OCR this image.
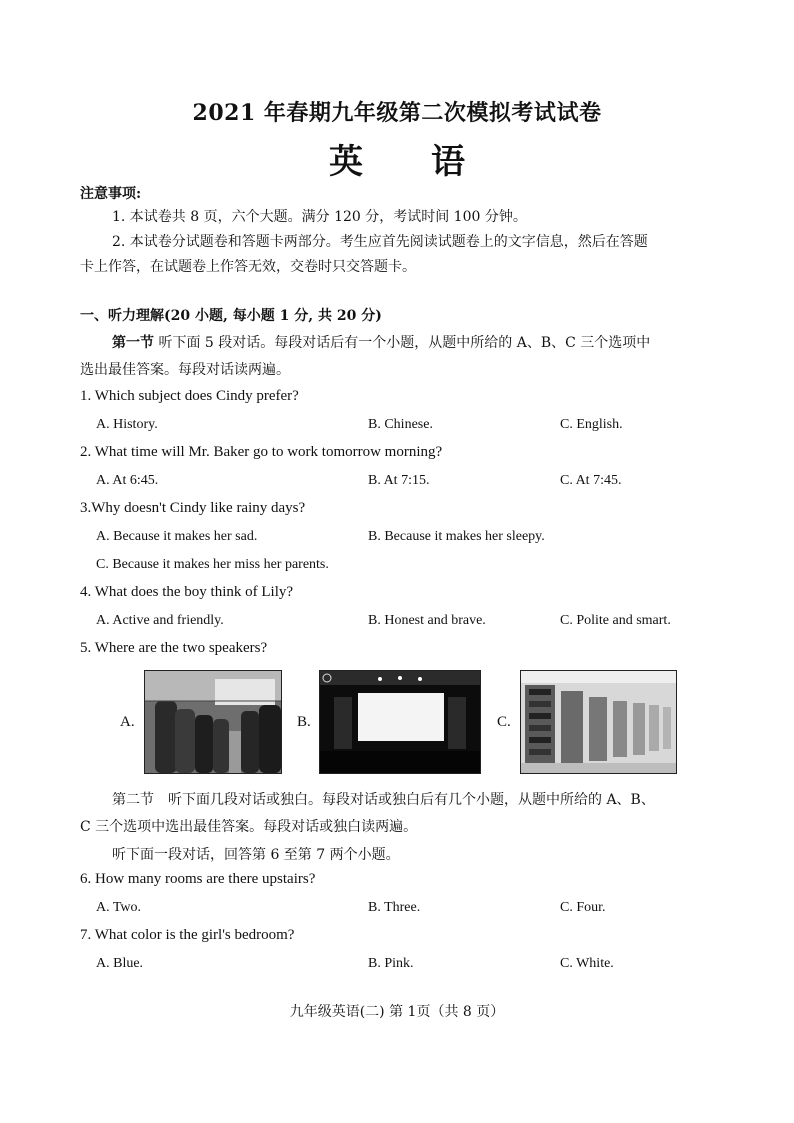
2021 年春期九年级第二次模拟考试试卷
英 语
注意事项:
1. 本试卷共 8 页，六个大题。满分 120 分，考试时间 100 分钟。
2. 本试卷分试题卷和答题卡两部分。考生应首先阅读试题卷上的文字信息，然后在答题
卡上作答，在试题卷上作答无效，交卷时只交答题卡。
一、听力理解(20 小题, 每小题 1 分, 共 20 分)
第一节 听下面 5 段对话。每段对话后有一个小题，从题中所给的 A、B、C 三个选项中
选出最佳答案。每段对话读两遍。
1. Which subject does Cindy prefer?
A. History.	B. Chinese.	C. English.
2. What time will Mr. Baker go to work tomorrow morning?
A. At 6:45.	B. At 7:15.	C. At 7:45.
3.Why doesn't Cindy like rainy days?
A. Because it makes her sad.	B. Because it makes her sleepy.
C. Because it makes her miss her parents.
4. What does the boy think of Lily?
A. Active and friendly.	B. Honest and brave.	C. Polite and smart.
5. Where are the two speakers?
A.	B.	C.
第二节　听下面几段对话或独白。每段对话或独白后有几个小题，从题中所给的 A、B、
C 三个选项中选出最佳答案。每段对话或独白读两遍。
听下面一段对话，回答第 6 至第 7 两个小题。
6. How many rooms are there upstairs?
A. Two.	B. Three.	C. Four.
7. What color is the girl's bedroom?
A. Blue.	B. Pink.	C. White.
九年级英语(二) 第 1页（共 8 页）
